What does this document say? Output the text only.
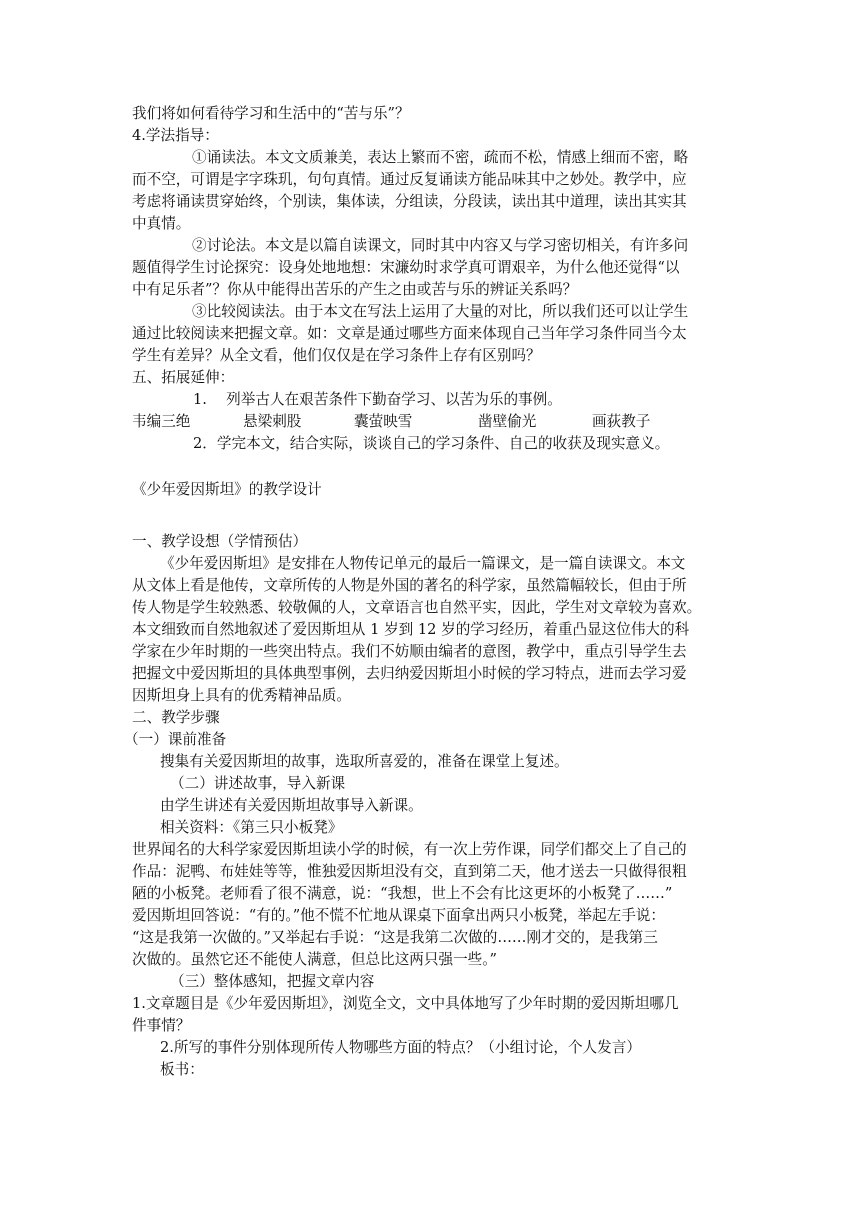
我们将如何看待学习和生活中的“苦与乐”？
4.学法指导：
①诵读法。本文文质兼美，表达上繁而不密，疏而不松，情感上细而不密，略
而不空，可谓是字字珠玑，句句真情。通过反复诵读方能品味其中之妙处。教学中，应
考虑将诵读贯穿始终，个别读，集体读，分组读，分段读，读出其中道理，读出其实其
中真情。
②讨论法。本文是以篇自读课文，同时其中内容又与学习密切相关，有许多问
题值得学生讨论探究：设身处地地想：宋濂幼时求学真可谓艰辛，为什么他还觉得“以
中有足乐者”？你从中能得出苦乐的产生之由或苦与乐的辨证关系吗？
③比较阅读法。由于本文在写法上运用了大量的对比，所以我们还可以让学生
通过比较阅读来把握文章。如：文章是通过哪些方面来体现自己当年学习条件同当今太
学生有差异？从全文看，他们仅仅是在学习条件上存有区别吗？
五、拓展延伸：
1.　 列举古人在艰苦条件下勤奋学习、以苦为乐的事例。
韦编三绝	悬梁刺股	囊萤映雪	凿壁偷光	画荻教子
2．学完本文，结合实际，谈谈自己的学习条件、自己的收获及现实意义。
《少年爱因斯坦》的教学设计
一、教学设想（学情预估）
《少年爱因斯坦》是安排在人物传记单元的最后一篇课文，是一篇自读课文。本文
从文体上看是他传，文章所传的人物是外国的著名的科学家，虽然篇幅较长，但由于所
传人物是学生较熟悉、较敬佩的人，文章语言也自然平实，因此，学生对文章较为喜欢。
本文细致而自然地叙述了爱因斯坦从 1 岁到 12 岁的学习经历，着重凸显这位伟大的科
学家在少年时期的一些突出特点。我们不妨顺由编者的意图，教学中，重点引导学生去
把握文中爱因斯坦的具体典型事例，去归纳爱因斯坦小时候的学习特点，进而去学习爱
因斯坦身上具有的优秀精神品质。
二、教学步骤
（一）课前准备
搜集有关爱因斯坦的故事，选取所喜爱的，准备在课堂上复述。
（二）讲述故事，导入新课
由学生讲述有关爱因斯坦故事导入新课。
相关资料：《第三只小板凳》
世界闻名的大科学家爱因斯坦读小学的时候，有一次上劳作课，同学们都交上了自己的
作品：泥鸭、布娃娃等等，惟独爱因斯坦没有交，直到第二天，他才送去一只做得很粗
陋的小板凳。老师看了很不满意，说：“我想，世上不会有比这更坏的小板凳了……”
爱因斯坦回答说：“有的。”他不慌不忙地从课桌下面拿出两只小板凳，举起左手说：
“这是我第一次做的。”又举起右手说：“这是我第二次做的……刚才交的，是我第三
次做的。虽然它还不能使人满意，但总比这两只强一些。”
（三）整体感知，把握文章内容
1.文章题目是《少年爱因斯坦》，浏览全文，文中具体地写了少年时期的爱因斯坦哪几
件事情？
2.所写的事件分别体现所传人物哪些方面的特点？（小组讨论，个人发言）
板书：
